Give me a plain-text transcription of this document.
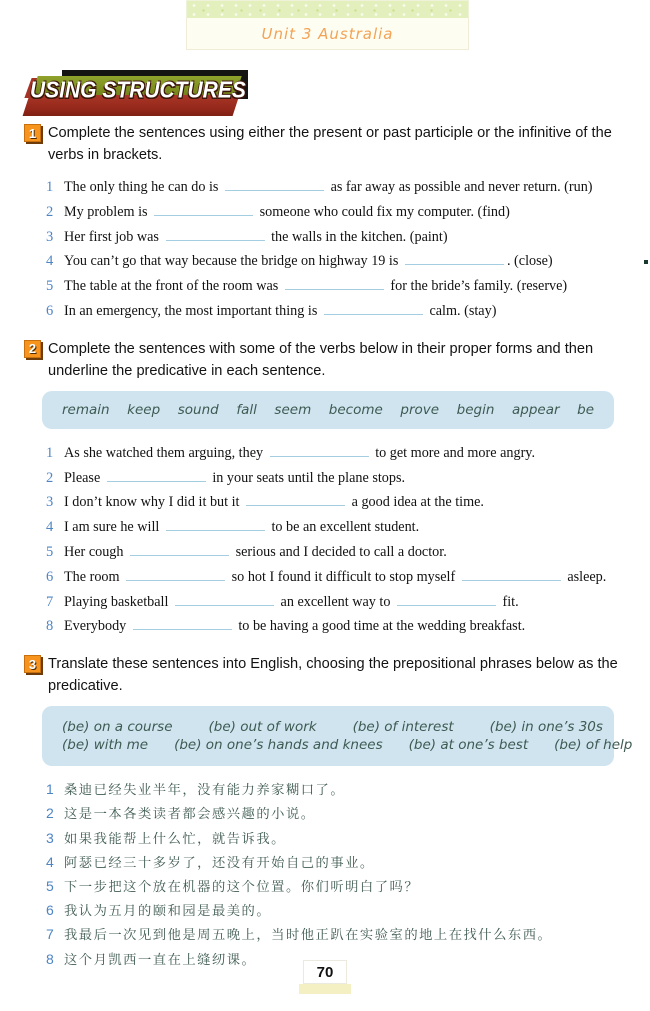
Unit 3 Australia
USING STRUCTURES
1 Complete the sentences using either the present or past participle or the infinitive of the verbs in brackets.
1 The only thing he can do is	as far away as possible and never return. (run)
2 My problem is	someone who could fix my computer. (find)
3 Her first job was	the walls in the kitchen. (paint)
4 You can’t go that way because the bridge on highway 19 is	. (close)
5 The table at the front of the room was	for the bride’s family. (reserve)
6 In an emergency, the most important thing is	calm. (stay)
2 Complete the sentences with some of the verbs below in their proper forms and then underline the predicative in each sentence.
remain keep sound fall seem become prove begin appear be
1 As she watched them arguing, they	to get more and more angry.
2 Please	in your seats until the plane stops.
3 I don’t know why I did it but it	a good idea at the time.
4 I am sure he will	to be an excellent student.
5 Her cough	serious and I decided to call a doctor.
6 The room	so hot I found it difficult to stop myself	asleep.
7 Playing basketball	an excellent way to	fit.
8 Everybody	to be having a good time at the wedding breakfast.
3 Translate these sentences into English, choosing the prepositional phrases below as the predicative.
(be) on a course	(be) out of work	(be) of interest	(be) in one’s 30s
(be) with me (be) on one’s hands and knees (be) at one’s best (be) of help
1 桑迪已经失业半年，没有能力养家糊口了。
2 这是一本各类读者都会感兴趣的小说。
3 如果我能帮上什么忙，就告诉我。
4 阿瑟已经三十多岁了，还没有开始自己的事业。
5 下一步把这个放在机器的这个位置。你们听明白了吗？
6 我认为五月的颐和园是最美的。
7 我最后一次见到他是周五晚上，当时他正趴在实验室的地上在找什么东西。
8 这个月凯西一直在上缝纫课。
70
